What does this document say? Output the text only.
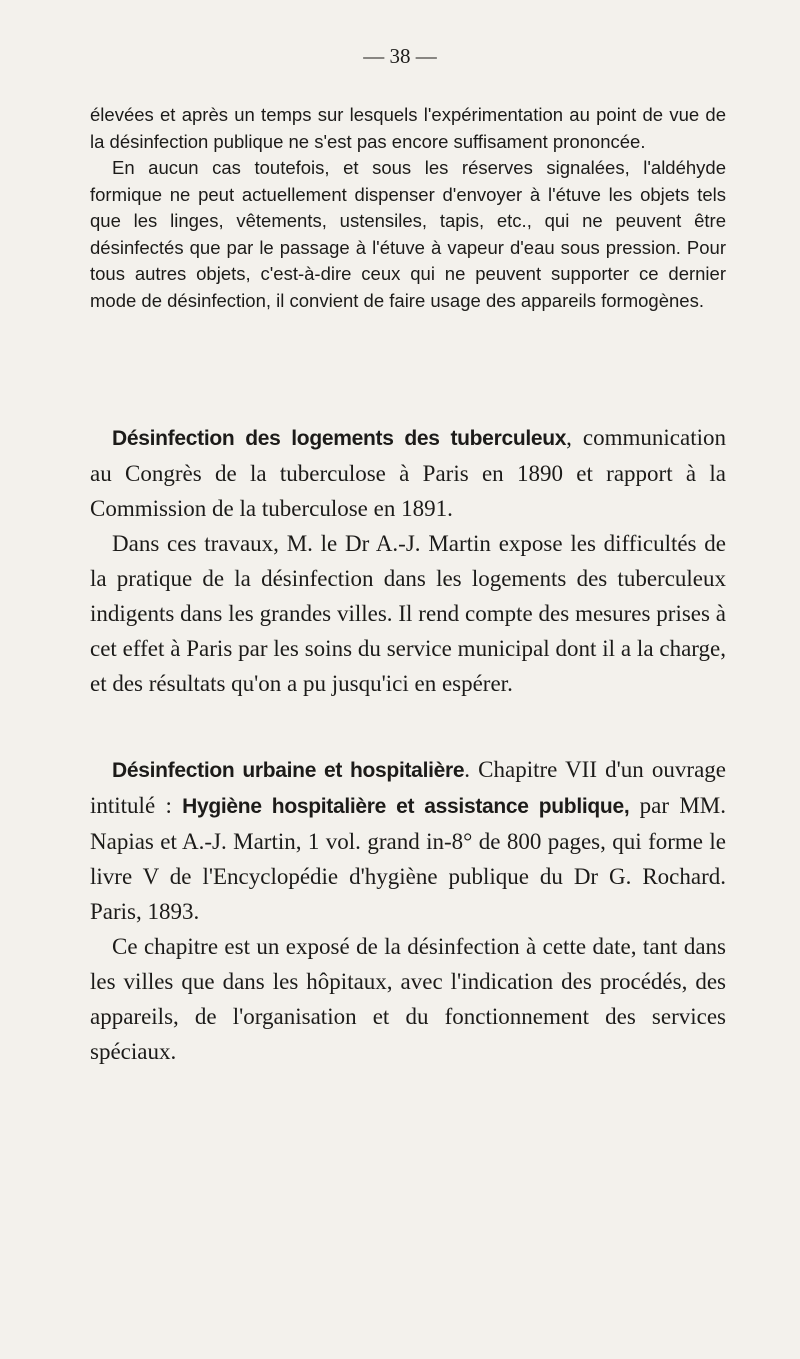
— 38 —

élevées et après un temps sur lesquels l'expérimentation au point de vue de la désinfection publique ne s'est pas encore suffisament prononcée.

En aucun cas toutefois, et sous les réserves signalées, l'aldéhyde formique ne peut actuellement dispenser d'envoyer à l'étuve les objets tels que les linges, vêtements, ustensiles, tapis, etc., qui ne peuvent être désinfectés que par le passage à l'étuve à vapeur d'eau sous pression. Pour tous autres objets, c'est-à-dire ceux qui ne peuvent supporter ce dernier mode de désinfection, il convient de faire usage des appareils formogènes.

Désinfection des logements des tuberculeux, communication au Congrès de la tuberculose à Paris en 1890 et rapport à la Commission de la tuberculose en 1891.

Dans ces travaux, M. le Dr A.-J. Martin expose les difficultés de la pratique de la désinfection dans les logements des tuberculeux indigents dans les grandes villes. Il rend compte des mesures prises à cet effet à Paris par les soins du service municipal dont il a la charge, et des résultats qu'on a pu jusqu'ici en espérer.

Désinfection urbaine et hospitalière. Chapitre VII d'un ouvrage intitulé : Hygiène hospitalière et assistance publique, par MM. Napias et A.-J. Martin, 1 vol. grand in-8° de 800 pages, qui forme le livre V de l'Encyclopédie d'hygiène publique du Dr G. Rochard. Paris, 1893.

Ce chapitre est un exposé de la désinfection à cette date, tant dans les villes que dans les hôpitaux, avec l'indication des procédés, des appareils, de l'organisation et du fonctionnement des services spéciaux.
